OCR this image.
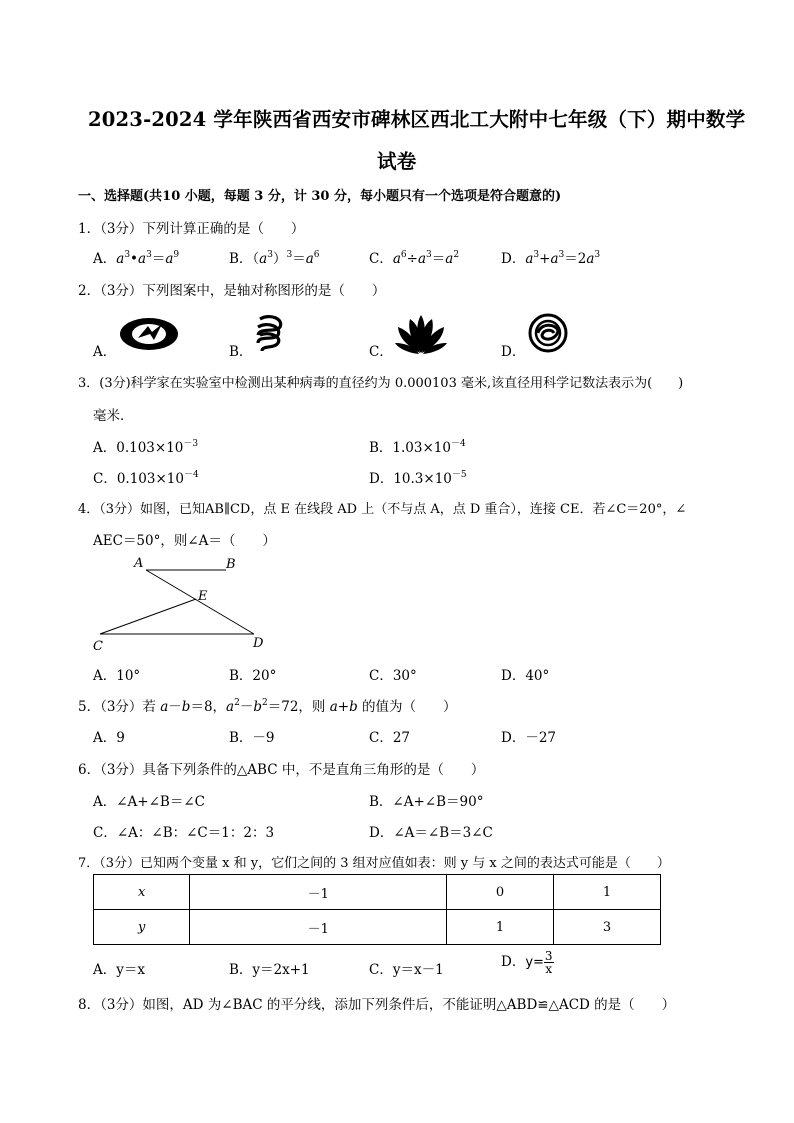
2023-2024 学年陕西省西安市碑林区西北工大附中七年级（下）期中数学
试卷
一、选择题(共10 小题，每题 3 分，计 30 分，每小题只有一个选项是符合题意的)
1．（3分）下列计算正确的是（　　）
A．$a^3•a^3=a^9$	B．$(a^3)^3=a^6$	C．$a^6\div a^3=a^2$	D．$a^3+a^3=2a^3$
2．（3分）下列图案中，是轴对称图形的是（　　）
A．	B．	C．	D．
3．(3分)科学家在实验室中检测出某种病毒的直径约为 0.000103 毫米,该直径用科学记数法表示为(　　)
毫米．
A．$0.103\times 10^{-3}$	B．$1.03\times 10^{-4}$
C．$0.103\times 10^{-4}$	D．$10.3\times 10^{-5}$
4．（3分）如图，已知AB∥CD，点 E 在线段 AD 上（不与点 A，点 D 重合），连接 CE．若∠C＝20°，∠
AEC＝50°，则∠A＝（　　）
A	B
E
C	D
A．10°	B．20°	C．30°	D．40°
5．（3分）若 a－b＝8，$a^2-b^2=72$，则 a+b 的值为（　　）
A．9	B．－9	C．27	D．－27
6．（3分）具备下列条件的△ABC 中，不是直角三角形的是（　　）
A．∠A+∠B＝∠C	B．∠A+∠B＝90°
C．∠A：∠B：∠C＝1：2：3	D．∠A＝∠B＝3∠C
7．（3分）已知两个变量 x 和 y，它们之间的 3 组对应值如表：则 y 与 x 之间的表达式可能是（　　）
x	－1	0	1
y	－1	1	3
A．y＝x	B．y＝2x+1	C．y＝x－1	D．$y= \frac{3}{x}$
8．（3分）如图，AD 为∠BAC 的平分线，添加下列条件后，不能证明△ABD≌△ACD 的是（　　）
